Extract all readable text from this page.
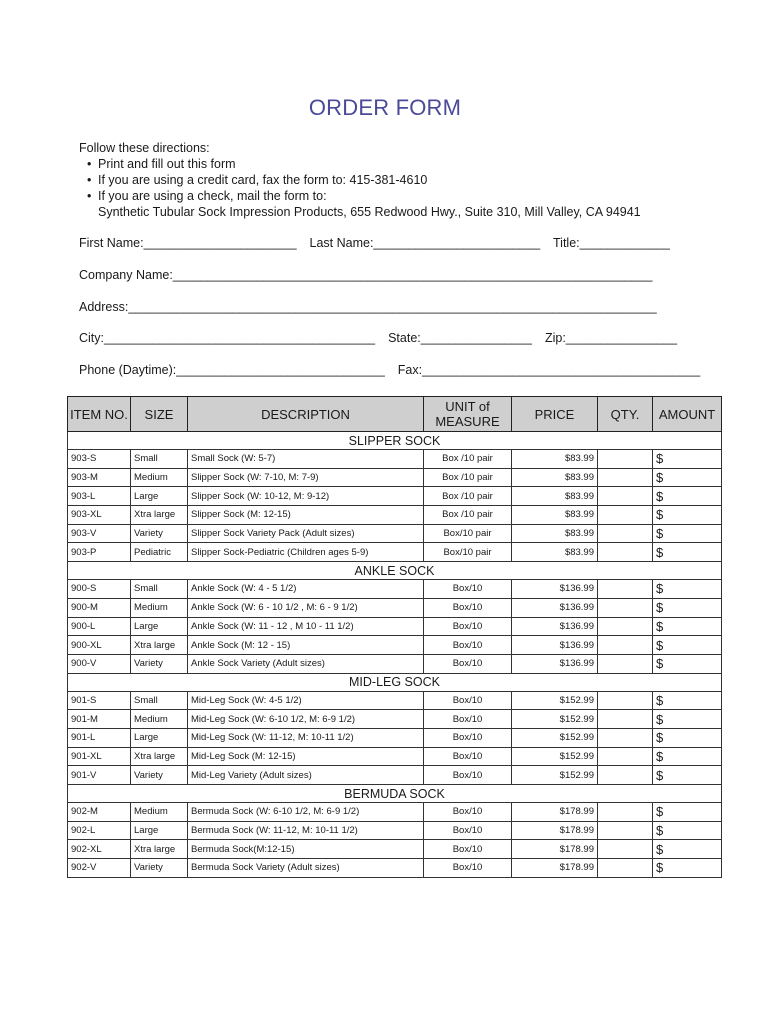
ORDER FORM
Follow these directions:
• Print and fill out this form
• If you are using a credit card, fax the form to: 415-381-4610
• If you are using a check, mail the form to:
Synthetic Tubular Sock Impression Products, 655 Redwood Hwy., Suite 310, Mill Valley, CA 94941
First Name:______________________ Last Name:________________________ Title:_____________
Company Name:_____________________________________________________________________
Address:____________________________________________________________________________
City:_______________________________________ State:________________ Zip:________________
Phone (Daytime):______________________________ Fax:________________________________________
ITEM NO.	SIZE	DESCRIPTION	UNIT of
MEASURE	PRICE	QTY.	AMOUNT
SLIPPER SOCK						
903-S	Small	Small Sock (W: 5-7)	Box /10 pair	$83.99		$
903-M	Medium	Slipper Sock (W: 7-10, M: 7-9)	Box /10 pair	$83.99		$
903-L	Large	Slipper Sock (W: 10-12, M: 9-12)	Box /10 pair	$83.99		$
903-XL	Xtra large	Slipper Sock (M: 12-15)	Box /10 pair	$83.99		$
903-V	Variety	Slipper Sock Variety Pack (Adult sizes)	Box/10 pair	$83.99		$
903-P	Pediatric	Slipper Sock-Pediatric (Children ages 5-9)	Box/10 pair	$83.99		$
ANKLE SOCK						
900-S	Small	Ankle Sock (W: 4 - 5 1/2)	Box/10	$136.99		$
900-M	Medium	Ankle Sock (W: 6 - 10 1/2 , M: 6 - 9 1/2)	Box/10	$136.99		$
900-L	Large	Ankle Sock (W: 11 - 12 , M 10 - 11 1/2)	Box/10	$136.99		$
900-XL	Xtra large	Ankle Sock (M: 12 - 15)	Box/10	$136.99		$
900-V	Variety	Ankle Sock Variety (Adult sizes)	Box/10	$136.99		$
MID-LEG SOCK						
901-S	Small	Mid-Leg Sock (W: 4-5 1/2)	Box/10	$152.99		$
901-M	Medium	Mid-Leg Sock (W: 6-10 1/2, M: 6-9 1/2)	Box/10	$152.99		$
901-L	Large	Mid-Leg Sock (W: 11-12, M: 10-11 1/2)	Box/10	$152.99		$
901-XL	Xtra large	Mid-Leg Sock (M: 12-15)	Box/10	$152.99		$
901-V	Variety	Mid-Leg Variety (Adult sizes)	Box/10	$152.99		$
BERMUDA SOCK						
902-M	Medium	Bermuda Sock (W: 6-10 1/2, M: 6-9 1/2)	Box/10	$178.99		$
902-L	Large	Bermuda Sock (W: 11-12, M: 10-11 1/2)	Box/10	$178.99		$
902-XL	Xtra large	Bermuda Sock(M:12-15)	Box/10	$178.99		$
902-V	Variety	Bermuda Sock Variety (Adult sizes)	Box/10	$178.99		$
